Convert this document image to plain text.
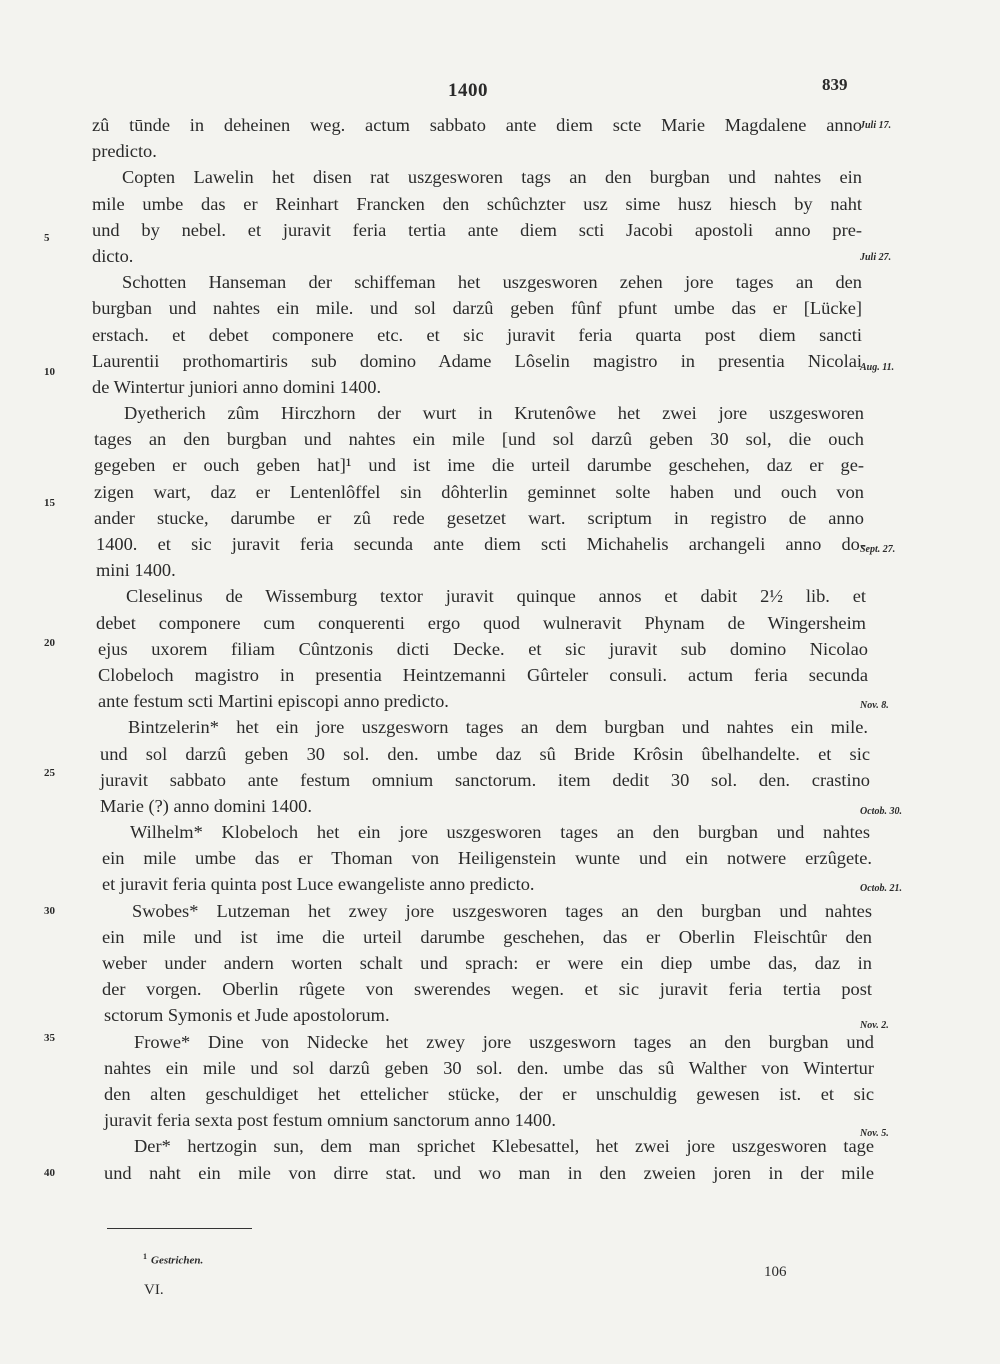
1400	839
zû tūnde in deheinen weg. actum sabbato ante diem scte Marie Magdalene anno
predicto.
Copten Lawelin het disen rat uszgesworen tags an den burgban und nahtes ein
mile umbe das er Reinhart Francken den schûchzter usz sime husz hiesch by naht
und by nebel. et juravit feria tertia ante diem scti Jacobi apostoli anno pre-
dicto.
Schotten Hanseman der schiffeman het uszgesworen zehen jore tages an den
burgban und nahtes ein mile. und sol darzû geben fûnf pfunt umbe das er [Lücke]
erstach. et debet componere etc. et sic juravit feria quarta post diem sancti
Laurentii prothomartiris sub domino Adame Lôselin magistro in presentia Nicolai
de Wintertur juniori anno domini 1400.
Dyetherich zûm Hirczhorn der wurt in Krutenôwe het zwei jore uszgesworen
tages an den burgban und nahtes ein mile [und sol darzû geben 30 sol, die ouch
gegeben er ouch geben hat]¹ und ist ime die urteil darumbe geschehen, daz er ge-
zigen wart, daz er Lentenlôffel sin dôhterlin geminnet solte haben und ouch von
ander stucke, darumbe er zû rede gesetzet wart. scriptum in registro de anno
1400. et sic juravit feria secunda ante diem scti Michahelis archangeli anno do-
mini 1400.
Cleselinus de Wissemburg textor juravit quinque annos et dabit 2½ lib. et
debet componere cum conquerenti ergo quod wulneravit Phynam de Wingersheim
ejus uxorem filiam Cûntzonis dicti Decke. et sic juravit sub domino Nicolao
Clobeloch magistro in presentia Heintzemanni Gûrteler consuli. actum feria secunda
ante festum scti Martini episcopi anno predicto.
Bintzelerin* het ein jore uszgesworn tages an dem burgban und nahtes ein mile.
und sol darzû geben 30 sol. den. umbe daz sû Bride Krôsin ûbelhandelte. et sic
juravit sabbato ante festum omnium sanctorum. item dedit 30 sol. den. crastino
Marie (?) anno domini 1400.
Wilhelm* Klobeloch het ein jore uszgesworen tages an den burgban und nahtes
ein mile umbe das er Thoman von Heiligenstein wunte und ein notwere erzûgete.
et juravit feria quinta post Luce ewangeliste anno predicto.
Swobes* Lutzeman het zwey jore uszgesworen tages an den burgban und nahtes
ein mile und ist ime die urteil darumbe geschehen, das er Oberlin Fleischtûr den
weber under andern worten schalt und sprach: er were ein diep umbe das, daz in
der vorgen. Oberlin rûgete von swerendes wegen. et sic juravit feria tertia post
sctorum Symonis et Jude apostolorum.
Frowe* Dine von Nidecke het zwey jore uszgesworn tages an den burgban und
nahtes ein mile und sol darzû geben 30 sol. den. umbe das sû Walther von Wintertur
den alten geschuldiget het ettelicher stücke, der er unschuldig gewesen ist. et sic
juravit feria sexta post festum omnium sanctorum anno 1400.
Der* hertzogin sun, dem man sprichet Klebesattel, het zwei jore uszgesworen tage
und naht ein mile von dirre stat. und wo man in den zweien joren in der mile
5
10
15
20
25
30
35
40
Juli 17.
Juli 27.
Aug. 11.
Sept. 27.
Nov. 8.
Octob. 30.
Octob. 21.
Nov. 2.
Nov. 5.
$^1$ Gestrichen.
VI.
106
